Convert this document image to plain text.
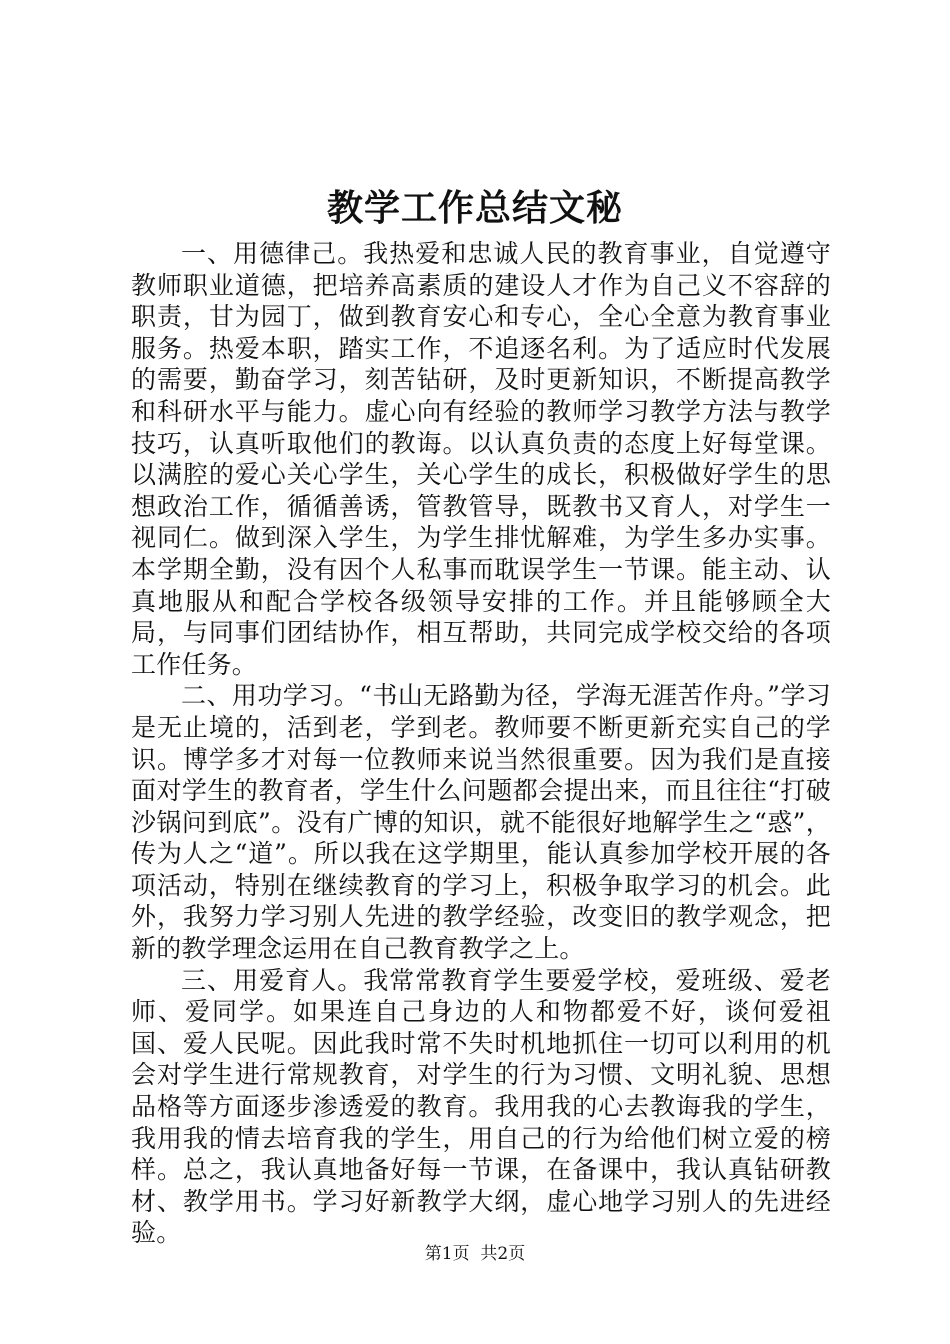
教学工作总结文秘

一、用德律己。我热爱和忠诚人民的教育事业，自觉遵守教师职业道德，把培养高素质的建设人才作为自己义不容辞的职责，甘为园丁，做到教育安心和专心，全心全意为教育事业服务。热爱本职，踏实工作，不追逐名利。为了适应时代发展的需要，勤奋学习，刻苦钻研，及时更新知识，不断提高教学和科研水平与能力。虚心向有经验的教师学习教学方法与教学技巧，认真听取他们的教诲。以认真负责的态度上好每堂课。以满腔的爱心关心学生，关心学生的成长，积极做好学生的思想政治工作，循循善诱，管教管导，既教书又育人，对学生一视同仁。做到深入学生，为学生排忧解难，为学生多办实事。本学期全勤，没有因个人私事而耽误学生一节课。能主动、认真地服从和配合学校各级领导安排的工作。并且能够顾全大局，与同事们团结协作，相互帮助，共同完成学校交给的各项工作任务。

二、用功学习。“书山无路勤为径，学海无涯苦作舟。”学习是无止境的，活到老，学到老。教师要不断更新充实自己的学识。博学多才对每一位教师来说当然很重要。因为我们是直接面对学生的教育者，学生什么问题都会提出来，而且往往“打破沙锅问到底”。没有广博的知识，就不能很好地解学生之“惑”，传为人之“道”。所以我在这学期里，能认真参加学校开展的各项活动，特别在继续教育的学习上，积极争取学习的机会。此外，我努力学习别人先进的教学经验，改变旧的教学观念，把新的教学理念运用在自己教育教学之上。

三、用爱育人。我常常教育学生要爱学校，爱班级、爱老师、爱同学。如果连自己身边的人和物都爱不好，谈何爱祖国、爱人民呢。因此我时常不失时机地抓住一切可以利用的机会对学生进行常规教育，对学生的行为习惯、文明礼貌、思想品格等方面逐步渗透爱的教育。我用我的心去教诲我的学生，我用我的情去培育我的学生，用自己的行为给他们树立爱的榜样。总之，我认真地备好每一节课，在备课中，我认真钻研教材、教学用书。学习好新教学大纲，虚心地学习别人的先进经验。

第1页  共2页
